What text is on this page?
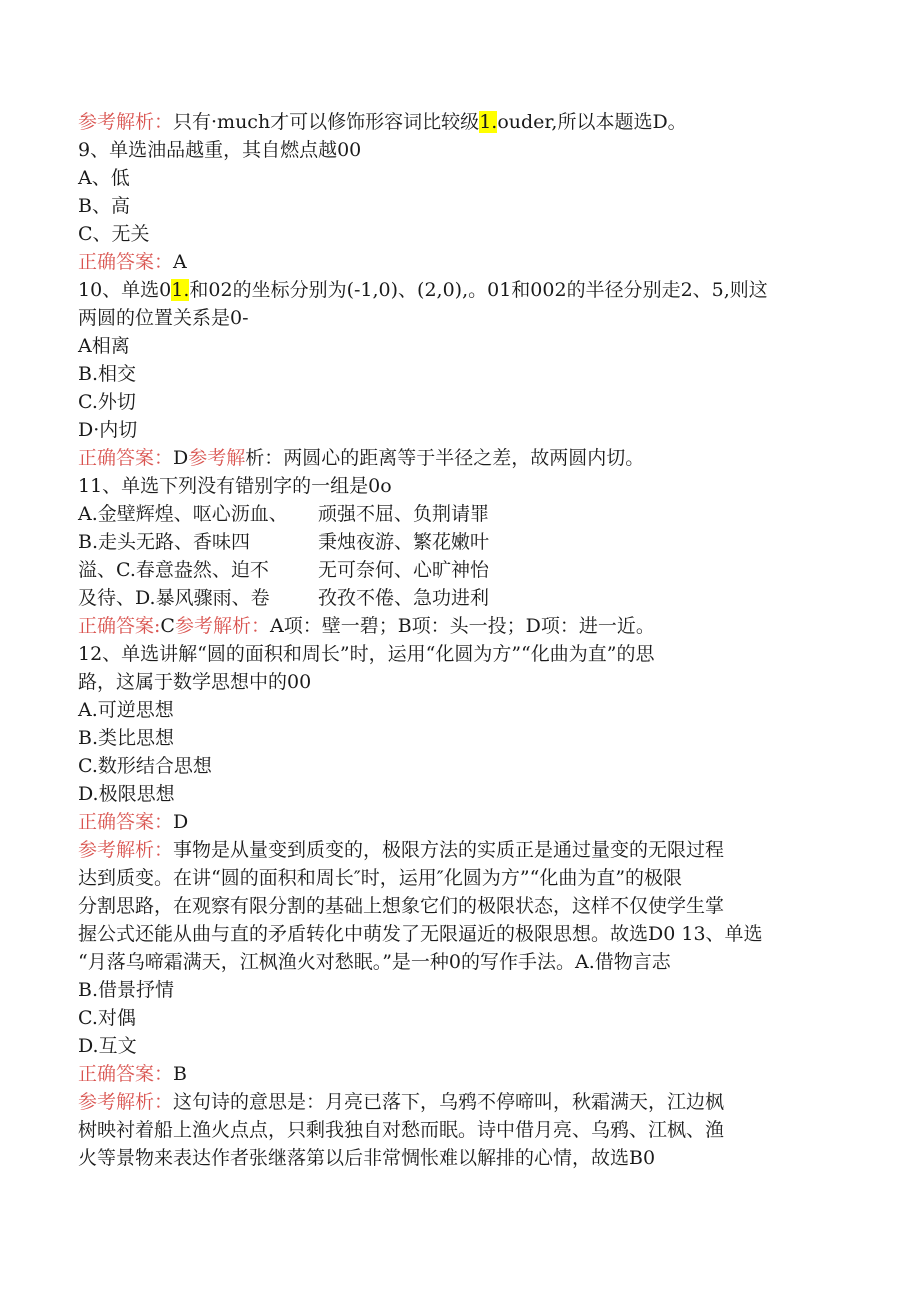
参考解析：只有·much才可以修饰形容词比较级1.ouder,所以本题选D。
9、单选油品越重，其自燃点越00
A、低
B、高
C、无关
正确答案：A
10、单选01.和02的坐标分别为(-1,0)、(2,0),。01和002的半径分别走2、5,则这
两圆的位置关系是0-
A相离
B.相交
C.外切
D·内切
正确答案：D参考解析：两圆心的距离等于半径之差，故两圆内切。
11、单选下列没有错别字的一组是0o
A.金壁辉煌、呕心沥血、 顽强不屈、负荆请罪
B.走头无路、香味四	秉烛夜游、繁花嫩叶
溢、C.春意盎然、迫不	无可奈何、心旷神怡
及待、D.暴风骤雨、卷	孜孜不倦、急功进利
正确答案:C参考解析：A项：壁一碧；B项：头一投；D项：进一近。
12、单选讲解“圆的面积和周长”时，运用“化圆为方”“化曲为直”的思
路，这属于数学思想中的00
A.可逆思想
B.类比思想
C.数形结合思想
D.极限思想
正确答案：D
参考解析：事物是从量变到质变的，极限方法的实质正是通过量变的无限过程
达到质变。在讲“圆的面积和周长″时，运用″化圆为方”“化曲为直”的极限
分割思路，在观察有限分割的基础上想象它们的极限状态，这样不仅使学生掌
握公式还能从曲与直的矛盾转化中萌发了无限逼近的极限思想。故选D0 13、单选
“月落乌啼霜满天，江枫渔火对愁眠。”是一种0的写作手法。A.借物言志
B.借景抒情
C.对偶
D.互文
正确答案：B
参考解析：这句诗的意思是：月亮已落下，乌鸦不停啼叫，秋霜满天，江边枫
树映衬着船上渔火点点，只剩我独自对愁而眠。诗中借月亮、乌鸦、江枫、渔
火等景物来表达作者张继落第以后非常惆怅难以解排的心情，故选B0
